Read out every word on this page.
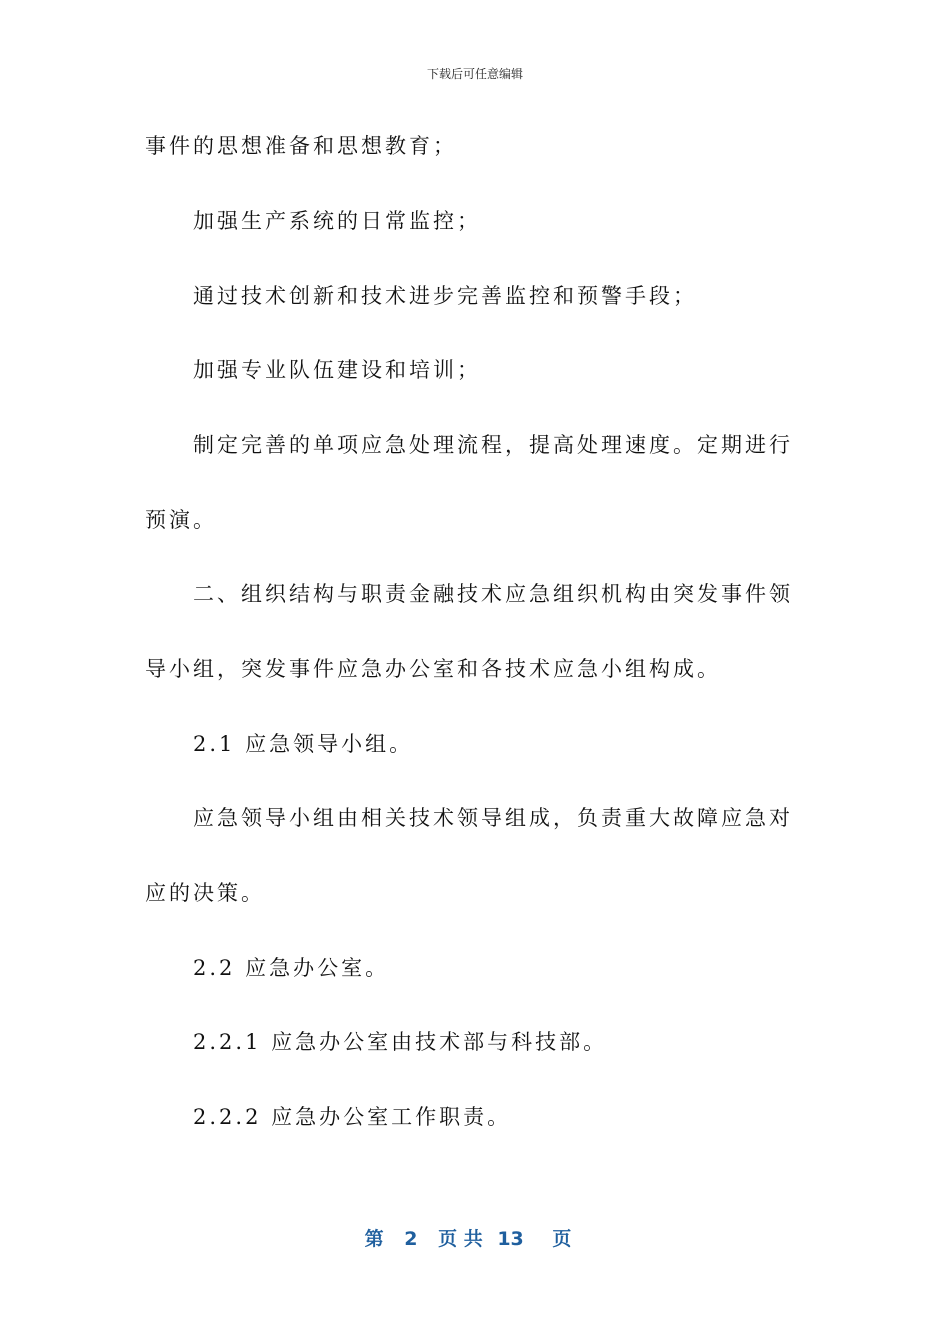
下载后可任意编辑
事件的思想准备和思想教育；
加强生产系统的日常监控；
通过技术创新和技术进步完善监控和预警手段；
加强专业队伍建设和培训；
制定完善的单项应急处理流程，提高处理速度。定期进行
预演。
二、组织结构与职责金融技术应急组织机构由突发事件领
导小组，突发事件应急办公室和各技术应急小组构成。
2.1 应急领导小组。
应急领导小组由相关技术领导组成，负责重大故障应急对
应的决策。
2.2 应急办公室。
2.2.1 应急办公室由技术部与科技部。
2.2.2 应急办公室工作职责。
第 2 页 共 13 页
